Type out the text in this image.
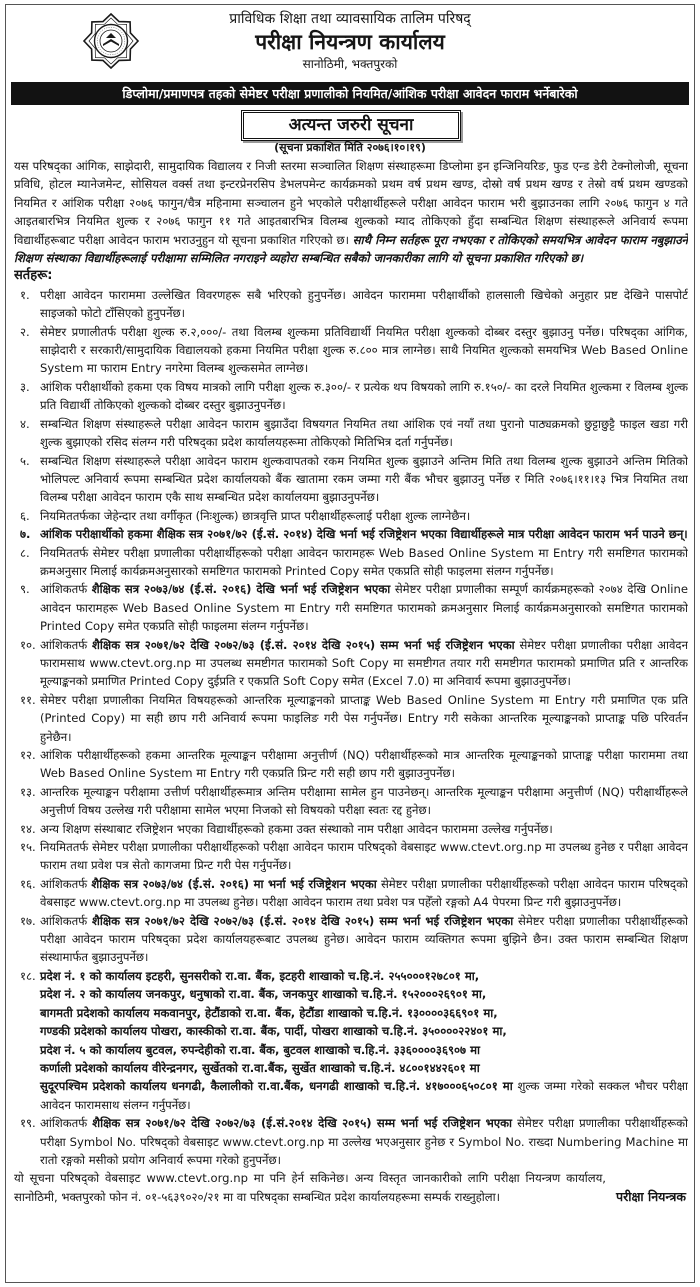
प्राविधिक शिक्षा तथा व्यावसायिक तालिम परिषद्
परीक्षा नियन्त्रण कार्यालय
सानोठिमी, भक्तपुरको
डिप्लोमा/प्रमाणपत्र तहको सेमेष्टर परीक्षा प्रणालीको नियमित/आंशिक परीक्षा आवेदन फाराम भर्नेबारेको
अत्यन्त जरुरी सूचना
(सूचना प्रकाशित मिति २०७६।१०।१९)

यस परिषद्का आंगिक, साझेदारी, सामुदायिक विद्यालय र निजी स्तरमा सञ्चालित शिक्षण संस्थाहरूमा डिप्लोमा इन इन्जिनियरिङ, फुड एन्ड डेरी टेक्नोलोजी, सूचना प्रविधि, होटल म्यानेजमेन्ट, सोसियल वर्क्स तथा इन्टरप्रेनरसिप डेभलपमेन्ट कार्यक्रमको प्रथम वर्ष प्रथम खण्ड, दोस्रो वर्ष प्रथम खण्ड र तेस्रो वर्ष प्रथम खण्डको नियमित र आंशिक परीक्षा २०७६ फागुन/चैत्र महिनामा सञ्चालन हुने भएकोले परीक्षार्थीहरूले परीक्षा आवेदन फाराम भरी बुझाउनका लागि २०७६ फागुन ४ गते आइतबारभित्र नियमित शुल्क र २०७६ फागुन ११ गते आइतबारभित्र विलम्ब शुल्कको म्याद तोकिएको हुँदा सम्बन्धित शिक्षण संस्थाहरूले अनिवार्य रूपमा विद्यार्थीहरूबाट परीक्षा आवेदन फाराम भराउनुहुन यो सूचना प्रकाशित गरिएको छ। साथै निम्न सर्तहरू पूरा नभएका र तोकिएको समयभित्र आवेदन फाराम नबुझाउने शिक्षण संस्थाका विद्यार्थीहरूलाई परीक्षामा सम्मिलित नगराइने व्यहोरा सम्बन्धित सबैको जानकारीका लागि यो सूचना प्रकाशित गरिएको छ।

सर्तहरू:

१. परीक्षा आवेदन फाराममा उल्लेखित विवरणहरू सबै भरिएको हुनुपर्नेछ। आवेदन फाराममा परीक्षार्थीको हालसाली खिचेको अनुहार प्रष्ट देखिने पासपोर्ट साइजको फोटो टाँसिएको हुनुपर्नेछ।
२. सेमेष्टर प्रणालीतर्फ परीक्षा शुल्क रु.२,०००/- तथा विलम्ब शुल्कमा प्रतिविद्यार्थी नियमित परीक्षा शुल्कको दोब्बर दस्तुर बुझाउनु पर्नेछ। परिषद्का आंगिक, साझेदारी र सरकारी/सामुदायिक विद्यालयको हकमा नियमित परीक्षा शुल्क रु.८०० मात्र लाग्नेछ। साथै नियमित शुल्कको समयभित्र Web Based Online System मा फाराम Entry नगरेमा विलम्ब शुल्कसमेत लाग्नेछ।
३. आंशिक परीक्षार्थीको हकमा एक विषय मात्रको लागि परीक्षा शुल्क रु.३००/- र प्रत्येक थप विषयको लागि रु.१५०/- का दरले नियमित शुल्कमा र विलम्ब शुल्क प्रति विद्यार्थी तोकिएको शुल्कको दोब्बर दस्तुर बुझाउनुपर्नेछ।
४. सम्बन्धित शिक्षण संस्थाहरूले परीक्षा आवेदन फाराम बुझाउँदा विषयगत नियमित तथा आंशिक एवं नयाँ तथा पुरानो पाठ्यक्रमको छुट्टाछुट्टै फाइल खडा गरी शुल्क बुझाएको रसिद संलग्न गरी परिषद्का प्रदेश कार्यालयहरूमा तोकिएको मितिभित्र दर्ता गर्नुपर्नेछ।
५. सम्बन्धित शिक्षण संस्थाहरूले परीक्षा आवेदन फाराम शुल्कवापतको रकम नियमित शुल्क बुझाउने अन्तिम मिति तथा विलम्ब शुल्क बुझाउने अन्तिम मितिको भोलिपल्ट अनिवार्य रूपमा सम्बन्धित प्रदेश कार्यालयको बैंक खातामा रकम जम्मा गरी बैंक भौचर बुझाउनु पर्नेछ र मिति २०७६।११।१३ भित्र नियमित तथा विलम्ब परीक्षा आवेदन फाराम एकै साथ सम्बन्धित प्रदेश कार्यालयमा बुझाउनुपर्नेछ।
६. नियमिततर्फका जेहेन्दार तथा वर्गीकृत (निःशुल्क) छात्रवृत्ति प्राप्त परीक्षार्थीहरूलाई परीक्षा शुल्क लाग्नेछैन।
७. आंशिक परीक्षार्थीको हकमा शैक्षिक सत्र २०७१/७२ (ई.सं. २०१४) देखि भर्ना भई रजिष्ट्रेशन भएका विद्यार्थीहरूले मात्र परीक्षा आवेदन फाराम भर्न पाउने छन्।
८. नियमिततर्फ सेमेष्टर परीक्षा प्रणालीका परीक्षार्थीहरूको परीक्षा आवेदन फारामहरू Web Based Online System मा Entry गरी समष्टिगत फारामको क्रमअनुसार मिलाई कार्यक्रमअनुसारको समष्टिगत फारामको Printed Copy समेत एकप्रति सोही फाइलमा संलग्न गर्नुपर्नेछ।
९. आंशिकतर्फ शैक्षिक सत्र २०७३/७४ (ई.सं. २०१६) देखि भर्ना भई रजिष्ट्रेशन भएका सेमेष्टर परीक्षा प्रणालीका सम्पूर्ण कार्यक्रमहरूको २०७४ देखि Online आवेदन फारामहरू Web Based Online System मा Entry गरी समष्टिगत फारामको क्रमअनुसार मिलाई कार्यक्रमअनुसारको समष्टिगत फारामको Printed Copy समेत एकप्रति सोही फाइलमा संलग्न गर्नुपर्नेछ।
१०. आंशिकतर्फ शैक्षिक सत्र २०७१/७२ देखि २०७२/७३ (ई.सं. २०१४ देखि २०१५) सम्म भर्ना भई रजिष्ट्रेशन भएका सेमेष्टर परीक्षा प्रणालीका परीक्षा आवेदन फारामसाथ www.ctevt.org.np मा उपलब्ध समष्टीगत फारामको Soft Copy मा समष्टीगत तयार गरी समष्टीगत फारामको प्रमाणित प्रति र आन्तरिक मूल्याङ्कनको प्रमाणित Printed Copy दुईप्रति र एकप्रति Soft Copy समेत (Excel 7.0) मा अनिवार्य रूपमा बुझाउनुपर्नेछ।
११. सेमेष्टर परीक्षा प्रणालीका नियमित विषयहरूको आन्तरिक मूल्याङ्कनको प्राप्ताङ्क Web Based Online System मा Entry गरी प्रमाणित एक प्रति (Printed Copy) मा सही छाप गरी अनिवार्य रूपमा फाइलिङ गरी पेस गर्नुपर्नेछ। Entry गरी सकेका आन्तरिक मूल्याङ्कनको प्राप्ताङ्क पछि परिवर्तन हुनेछैन।
१२. आंशिक परीक्षार्थीहरूको हकमा आन्तरिक मूल्याङ्कन परीक्षामा अनुत्तीर्ण (NQ) परीक्षार्थीहरूको मात्र आन्तरिक मूल्याङ्कनको प्राप्ताङ्क परीक्षा फाराममा तथा Web Based Online System मा Entry गरी एकप्रति प्रिन्ट गरी सही छाप गरी बुझाउनुपर्नेछ।
१३. आन्तरिक मूल्याङ्कन परीक्षामा उत्तीर्ण परीक्षार्थीहरूमात्र अन्तिम परीक्षामा सामेल हुन पाउनेछन्। आन्तरिक मूल्याङ्कन परीक्षामा अनुत्तीर्ण (NQ) परीक्षार्थीहरूले अनुत्तीर्ण विषय उल्लेख गरी परीक्षामा सामेल भएमा निजको सो विषयको परीक्षा स्वतः रद्द हुनेछ।
१४. अन्य शिक्षण संस्थाबाट रजिष्ट्रेशन भएका विद्यार्थीहरूको हकमा उक्त संस्थाको नाम परीक्षा आवेदन फाराममा उल्लेख गर्नुपर्नेछ।
१५. नियमिततर्फ सेमेष्टर परीक्षा प्रणालीका परीक्षार्थीहरूको परीक्षा आवेदन फाराम परिषद्को वेबसाइट www.ctevt.org.np मा उपलब्ध हुनेछ र परीक्षा आवेदन फाराम तथा प्रवेश पत्र सेतो कागजमा प्रिन्ट गरी पेस गर्नुपर्नेछ।
१६. आंशिकतर्फ शैक्षिक सत्र २०७३/७४ (ई.सं. २०१६) मा भर्ना भई रजिष्ट्रेशन भएका सेमेष्टर परीक्षा प्रणालीका परीक्षार्थीहरूको परीक्षा आवेदन फाराम परिषद्को वेबसाइट www.ctevt.org.np मा उपलब्ध हुनेछ। परीक्षा आवेदन फाराम तथा प्रवेश पत्र पहेँलो रङ्गको A4 पेपरमा प्रिन्ट गरी बुझाउनुपर्नेछ।
१७. आंशिकतर्फ शैक्षिक सत्र २०७१/७२ देखि २०७२/७३ (ई.सं. २०१४ देखि २०१५) सम्म भर्ना भई रजिष्ट्रेशन भएका सेमेष्टर परीक्षा प्रणालीका परीक्षार्थीहरूको परीक्षा आवेदन फाराम परिषद्का प्रदेश कार्यालयहरूबाट उपलब्ध हुनेछ। आवेदन फाराम व्यक्तिगत रूपमा बुझिने छैन। उक्त फाराम सम्बन्धित शिक्षण संस्थामार्फत बुझाउनुपर्नेछ।
१८. प्रदेश नं. १ को कार्यालय इटहरी, सुनसरीको रा.वा. बैंक, इटहरी शाखाको च.हि.नं. २५५०००१२७८०१ मा,
प्रदेश नं. २ को कार्यालय जनकपुर, धनुषाको रा.वा. बैंक, जनकपुर शाखाको च.हि.नं. १५२०००२६९०१ मा,
बागमती प्रदेशको कार्यालय मकवानपुर, हेटौंडाको रा.वा. बैंक, हेटौंडा शाखाको च.हि.नं. १३००००३६६९०१ मा,
गण्डकी प्रदेशको कार्यालय पोखरा, कास्कीको रा.वा. बैंक, पार्दी, पोखरा शाखाको च.हि.नं. ३५००००२२४०१ मा,
प्रदेश नं. ५ को कार्यालय बुटवल, रुपन्देहीको रा.वा. बैंक, बुटवल शाखाको च.हि.नं. ३३६००००३६९०७ मा
कर्णाली प्रदेशको कार्यालय वीरेन्द्रनगर, सुर्खेतको रा.वा.बैंक, सुर्खेत शाखाको च.हि.नं. ४८००१४४२६०१ मा
सुदूरपश्चिम प्रदेशको कार्यालय धनगढी, कैलालीको रा.वा.बैंक, धनगढी शाखाको च.हि.नं. ४१७०००६५०८०१ मा शुल्क जम्मा गरेको सक्कल भौचर परीक्षा आवेदन फारामसाथ संलग्न गर्नुपर्नेछ।
१९. आंशिकतर्फ शैक्षिक सत्र २०७१/७२ देखि २०७२/७३ (ई.सं.२०१४ देखि २०१५) सम्म भर्ना भई रजिष्ट्रेशन भएका सेमेष्टर परीक्षा प्रणालीका परीक्षार्थीहरूको परीक्षा Symbol No. परिषद्को वेबसाइट www.ctevt.org.np मा उल्लेख भएअनुसार हुनेछ र Symbol No. राख्दा Numbering Machine मा रातो रङ्गको मसीको प्रयोग अनिवार्य रूपमा गरेको हुनुपर्नेछ।
परीक्षा नियन्त्रक

यो सूचना परिषद्को वेबसाइट www.ctevt.org.np मा पनि हेर्न सकिनेछ। अन्य विस्तृत जानकारीको लागि परीक्षा नियन्त्रण कार्यालय, सानोठिमी, भक्तपुरको फोन नं. ०१-५६३९०२०/२१ मा वा परिषद्का सम्बन्धित प्रदेश कार्यालयहरूमा सम्पर्क राख्नुहोला।
